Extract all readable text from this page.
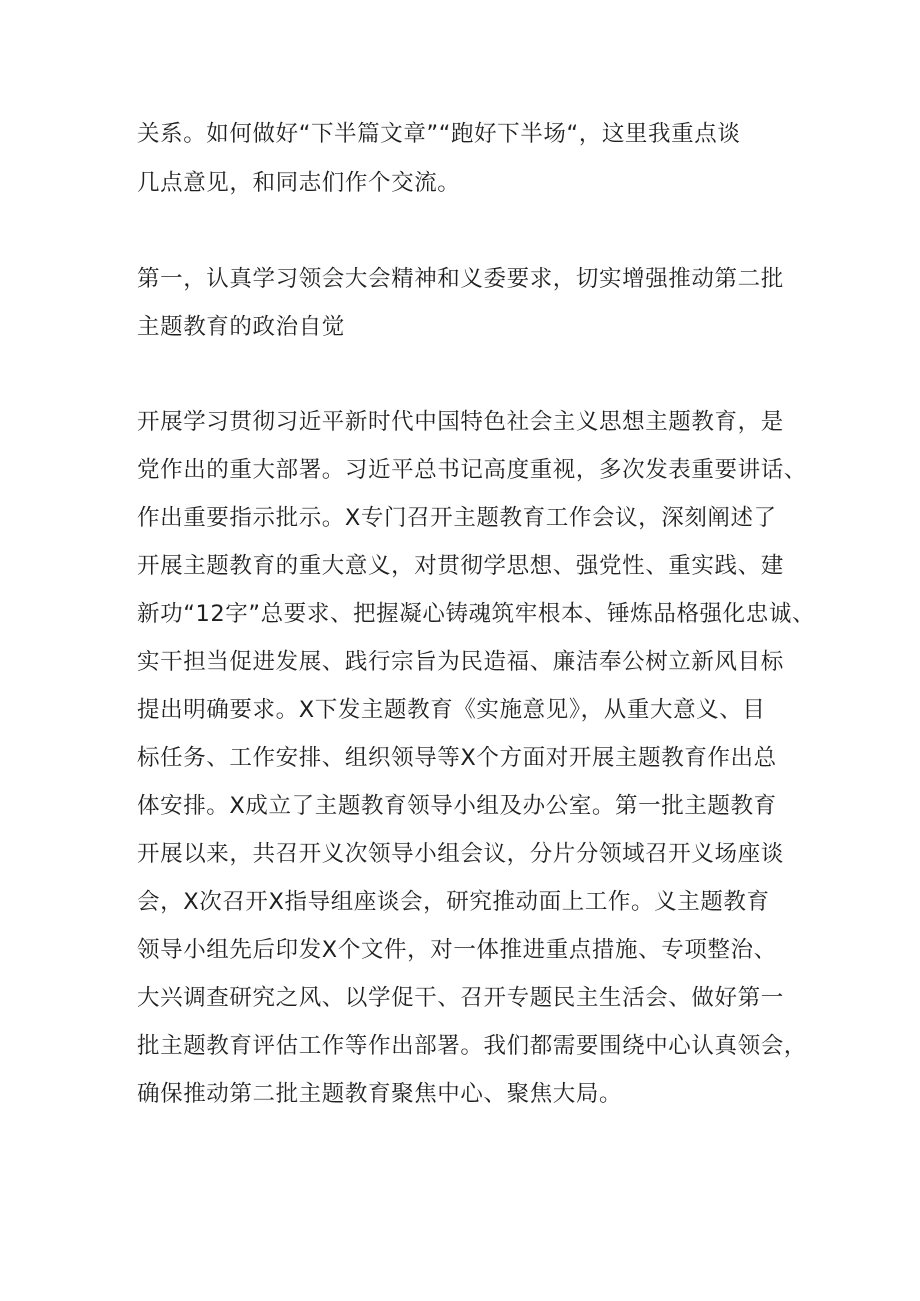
关系。如何做好“下半篇文章”“跑好下半场“，这里我重点谈

几点意见，和同志们作个交流。

第一，认真学习领会大会精神和义委要求，切实增强推动第二批

主题教育的政治自觉

开展学习贯彻习近平新时代中国特色社会主义思想主题教育，是

党作出的重大部署。习近平总书记高度重视，多次发表重要讲话、

作出重要指示批示。X专门召开主题教育工作会议，深刻阐述了

开展主题教育的重大意义，对贯彻学思想、强党性、重实践、建

新功“12字”总要求、把握凝心铸魂筑牢根本、锤炼品格强化忠诚、

实干担当促进发展、践行宗旨为民造福、廉洁奉公树立新风目标

提出明确要求。X下发主题教育《实施意见》，从重大意义、目

标任务、工作安排、组织领导等X个方面对开展主题教育作出总

体安排。X成立了主题教育领导小组及办公室。第一批主题教育

开展以来，共召开义次领导小组会议，分片分领域召开义场座谈

会，X次召开X指导组座谈会，研究推动面上工作。义主题教育

领导小组先后印发X个文件，对一体推进重点措施、专项整治、

大兴调查研究之风、以学促干、召开专题民主生活会、做好第一

批主题教育评估工作等作出部署。我们都需要围绕中心认真领会，

确保推动第二批主题教育聚焦中心、聚焦大局。
